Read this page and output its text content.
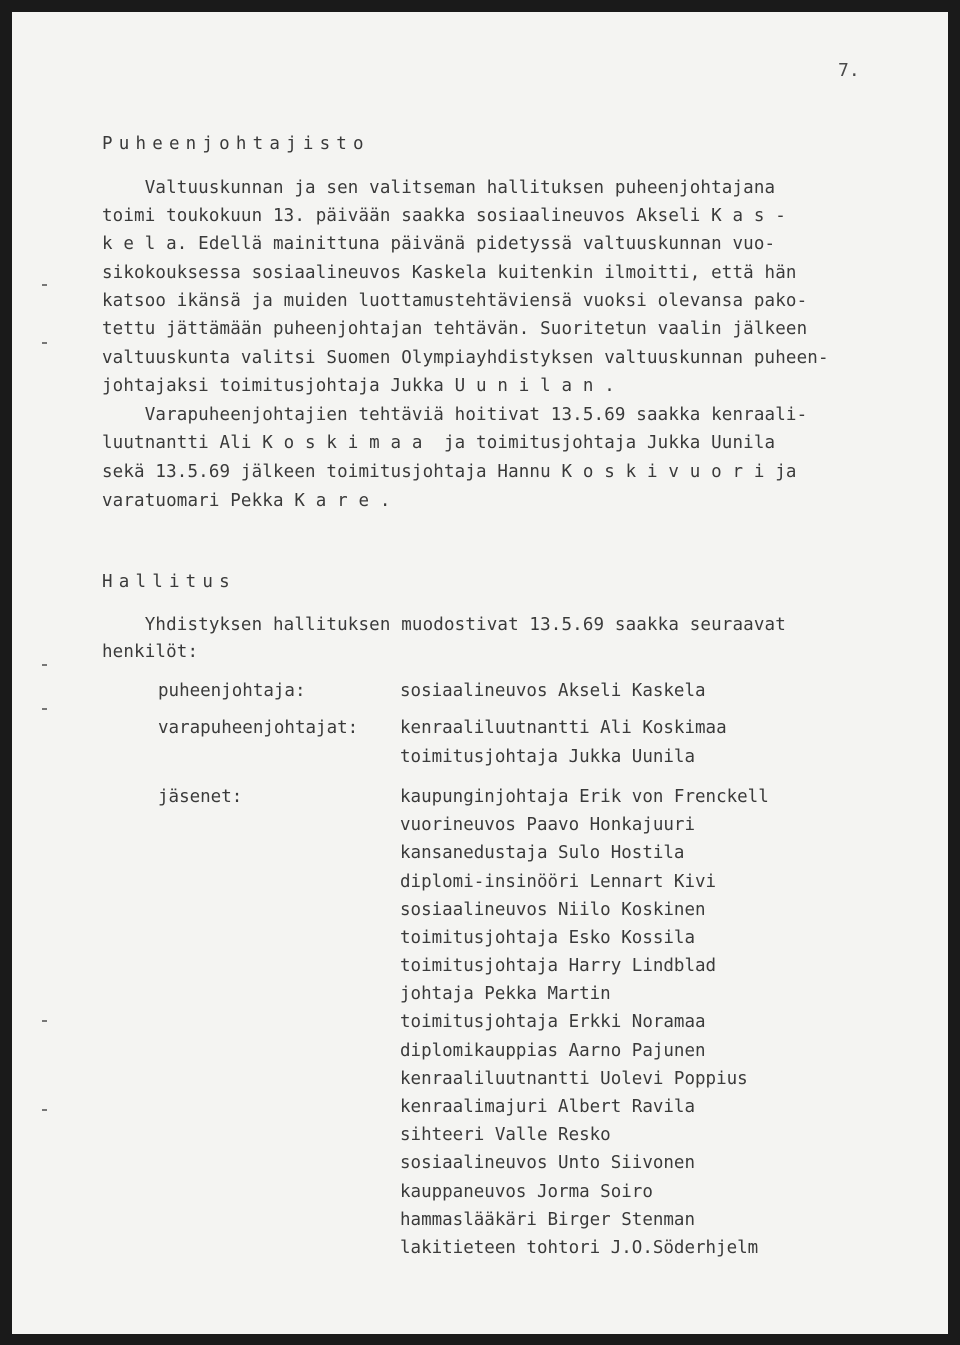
7.
Puheenjohtajisto
Valtuuskunnan ja sen valitseman hallituksen puheenjohtajana
toimi toukokuun 13. päivään saakka sosiaalineuvos Akseli K a s -
k e l a. Edellä mainittuna päivänä pidetyssä valtuuskunnan vuo-
sikokouksessa sosiaalineuvos Kaskela kuitenkin ilmoitti, että hän
katsoo ikänsä ja muiden luottamustehtäviensä vuoksi olevansa pako-
tettu jättämään puheenjohtajan tehtävän. Suoritetun vaalin jälkeen
valtuuskunta valitsi Suomen Olympiayhdistyksen valtuuskunnan puheen-
johtajaksi toimitusjohtaja Jukka U u n i l a n .
Varapuheenjohtajien tehtäviä hoitivat 13.5.69 saakka kenraali-
luutnantti Ali K o s k i m a a  ja toimitusjohtaja Jukka Uunila
sekä 13.5.69 jälkeen toimitusjohtaja Hannu K o s k i v u o r i ja
varatuomari Pekka K a r e .
Hallitus
Yhdistyksen hallituksen muodostivat 13.5.69 saakka seuraavat
henkilöt:
puheenjohtaja:	sosiaalineuvos Akseli Kaskela
varapuheenjohtajat: kenraaliluutnantti Ali Koskimaa
toimitusjohtaja Jukka Uunila
jäsenet:	kaupunginjohtaja Erik von Frenckell
vuorineuvos Paavo Honkajuuri
kansanedustaja Sulo Hostila
diplomi-insinööri Lennart Kivi
sosiaalineuvos Niilo Koskinen
toimitusjohtaja Esko Kossila
toimitusjohtaja Harry Lindblad
johtaja Pekka Martin
toimitusjohtaja Erkki Noramaa
diplomikauppias Aarno Pajunen
kenraaliluutnantti Uolevi Poppius
kenraalimajuri Albert Ravila
sihteeri Valle Resko
sosiaalineuvos Unto Siivonen
kauppaneuvos Jorma Soiro
hammaslääkäri Birger Stenman
lakitieteen tohtori J.O.Söderhjelm
